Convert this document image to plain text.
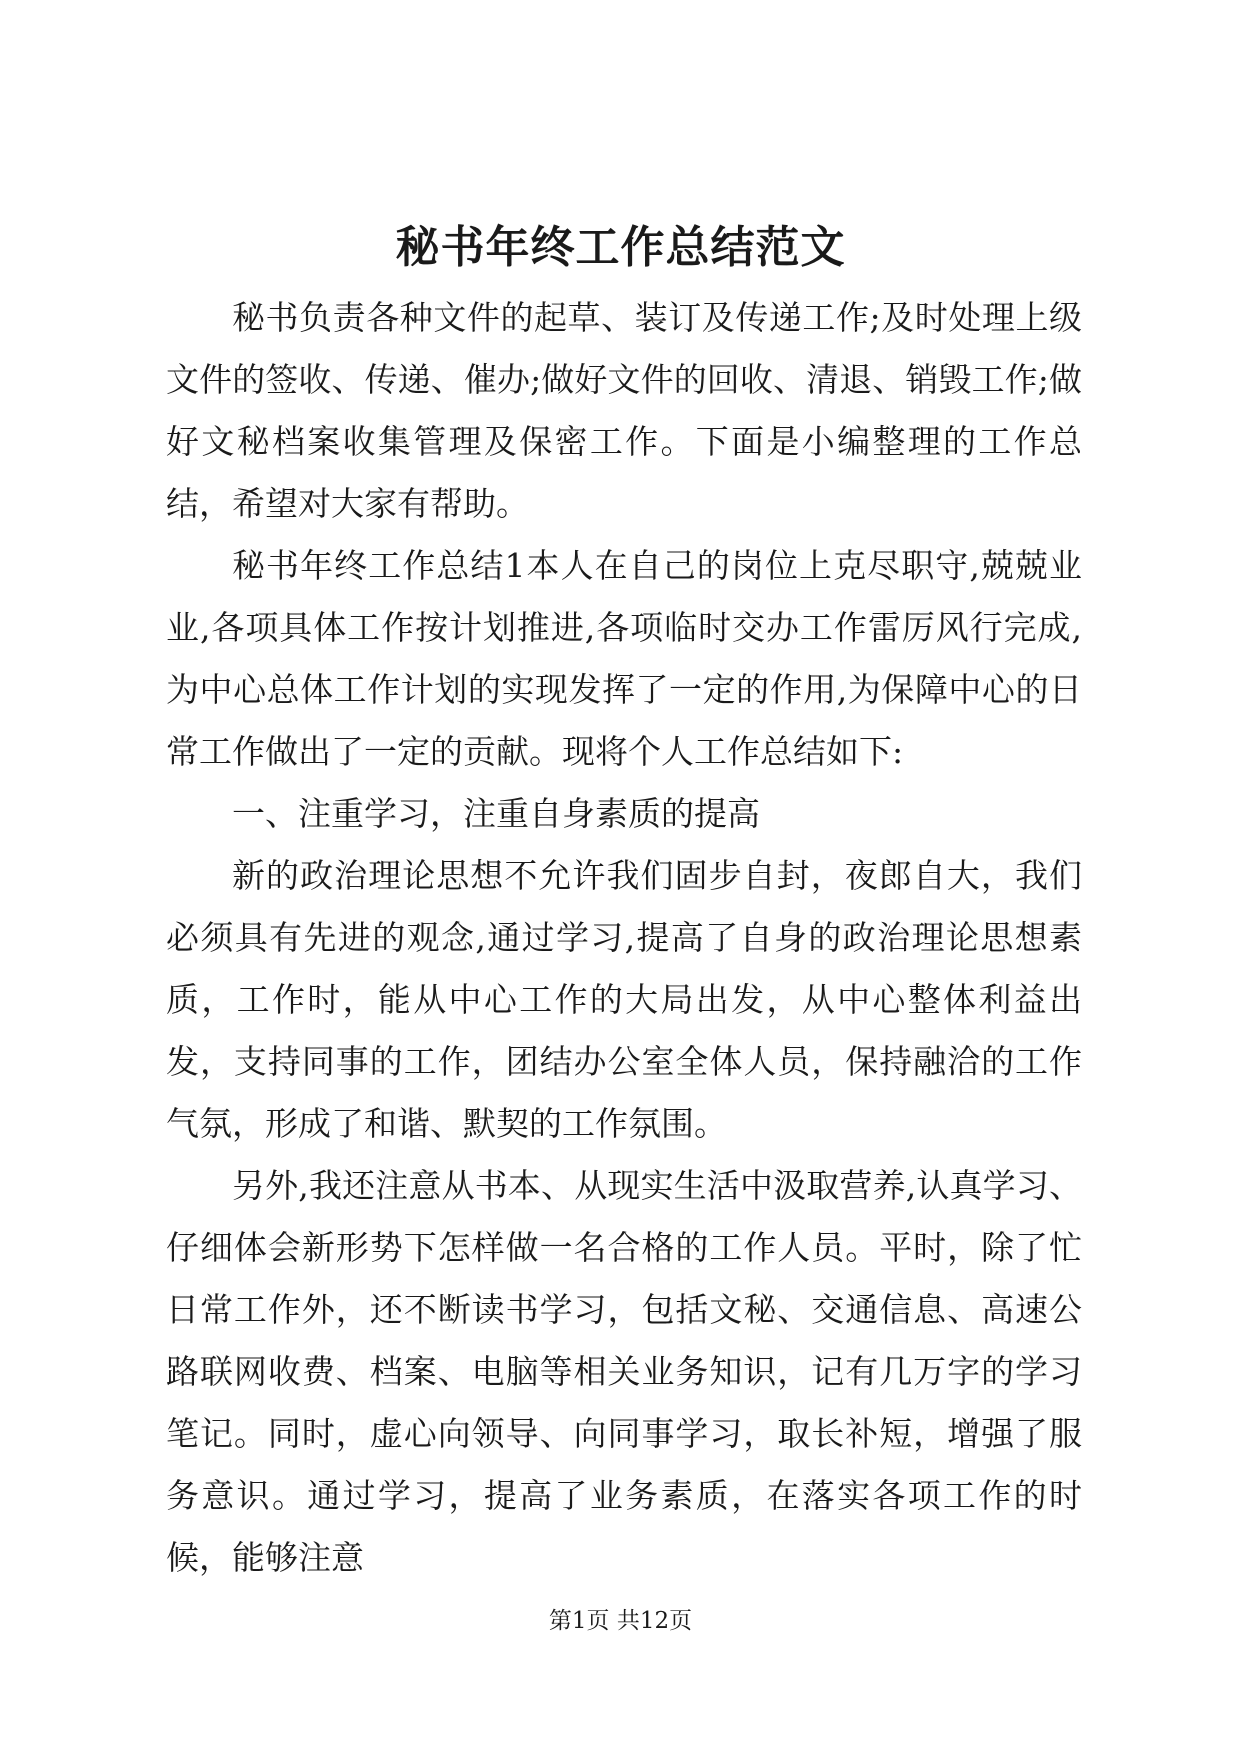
秘书年终工作总结范文

秘书负责各种文件的起草、装订及传递工作;及时处理上级文件的签收、传递、催办;做好文件的回收、清退、销毁工作;做好文秘档案收集管理及保密工作。下面是小编整理的工作总结，希望对大家有帮助。

秘书年终工作总结1本人在自己的岗位上克尽职守,兢兢业业,各项具体工作按计划推进,各项临时交办工作雷厉风行完成,为中心总体工作计划的实现发挥了一定的作用,为保障中心的日常工作做出了一定的贡献。现将个人工作总结如下:

一、注重学习，注重自身素质的提高

新的政治理论思想不允许我们固步自封，夜郎自大，我们必须具有先进的观念,通过学习,提高了自身的政治理论思想素质，工作时，能从中心工作的大局出发，从中心整体利益出发，支持同事的工作，团结办公室全体人员，保持融洽的工作气氛，形成了和谐、默契的工作氛围。

另外,我还注意从书本、从现实生活中汲取营养,认真学习、仔细体会新形势下怎样做一名合格的工作人员。平时，除了忙日常工作外，还不断读书学习，包括文秘、交通信息、高速公路联网收费、档案、电脑等相关业务知识，记有几万字的学习笔记。同时，虚心向领导、向同事学习，取长补短，增强了服务意识。通过学习，提高了业务素质，在落实各项工作的时候，能够注意

第1页 共12页
